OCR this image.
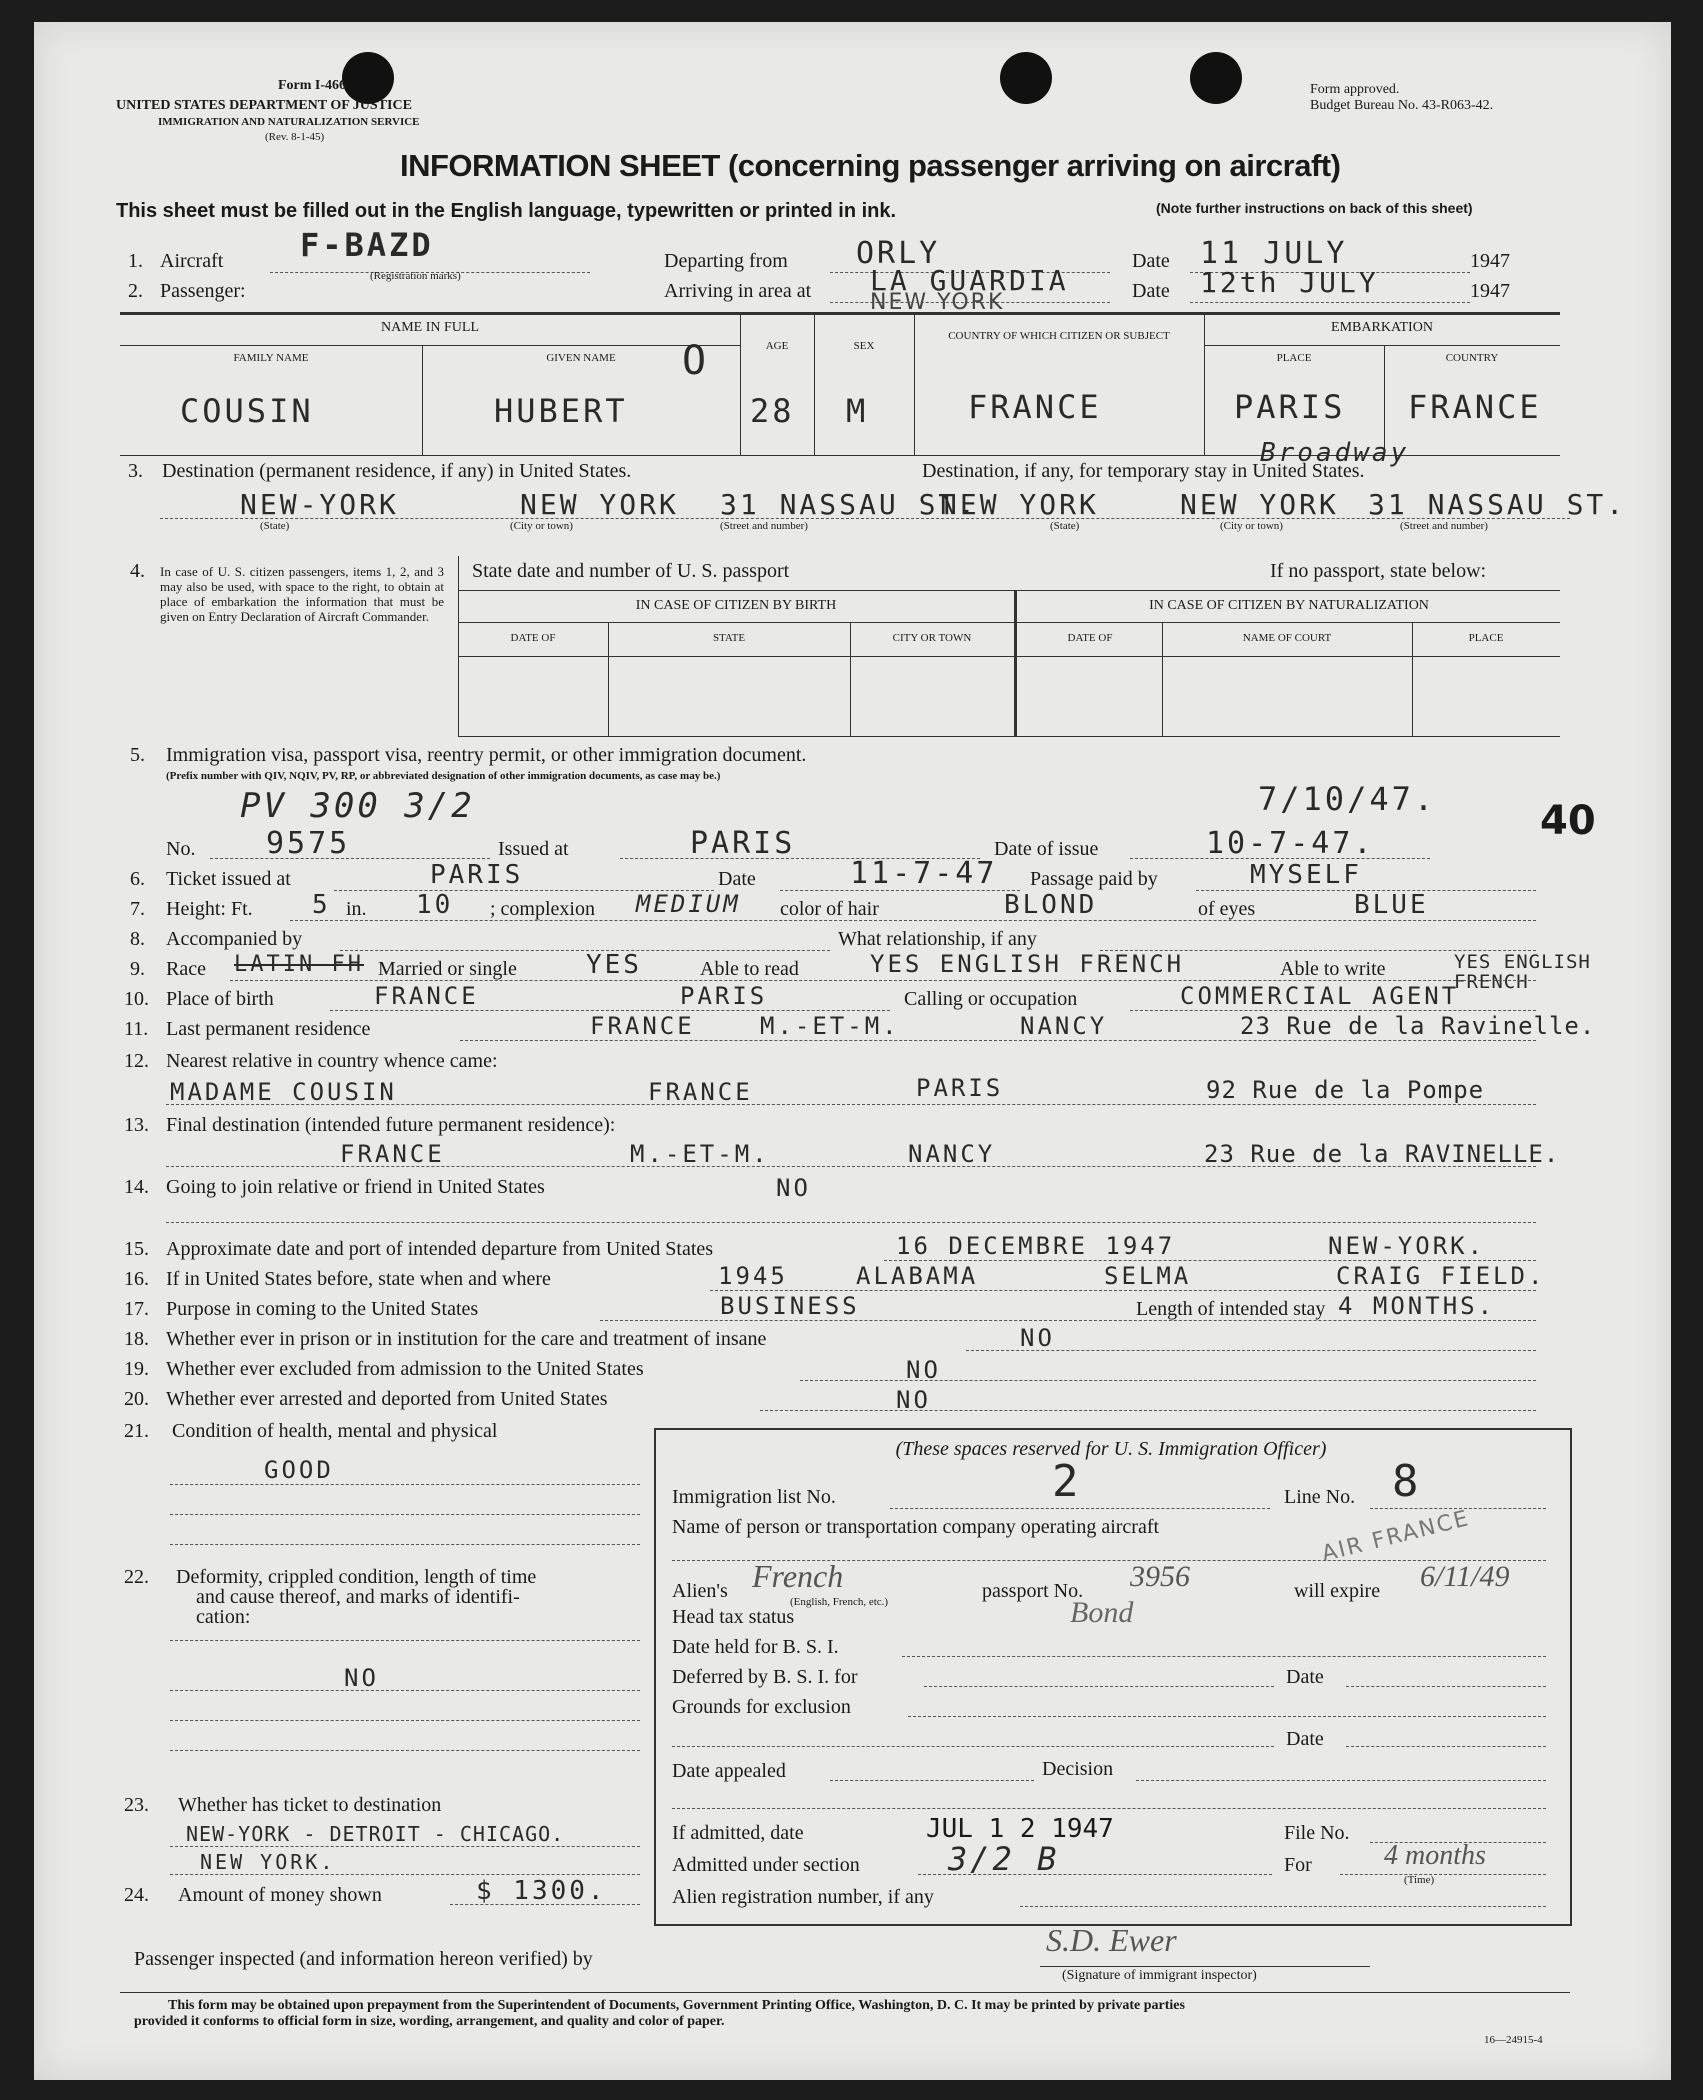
Form I-466
UNITED STATES DEPARTMENT OF JUSTICE
IMMIGRATION AND NATURALIZATION SERVICE
(Rev. 8-1-45)
Form approved.
Budget Bureau No. 43-R063-42.
INFORMATION SHEET (concerning passenger arriving on aircraft)
This sheet must be filled out in the English language, typewritten or printed in ink.	(Note further instructions on back of this sheet)
1. Aircraft F-BAZD
(Registration marks)
Departing from ORLY	Date 11 JULY	1947
2. Passenger:	Arriving in area at LA GUARDIA
NEW YORK	Date 12th JULY	1947
NAME IN FULL
FAMILY NAME	GIVEN NAME
AGE	SEX
COUNTRY OF WHICH CITIZEN OR SUBJECT
EMBARKATION
PLACE	COUNTRY
COUSIN	HUBERT
O
28 M	FRANCE	PARIS FRANCE
3. Destination (permanent residence, if any) in United States.	Destination, if any, for temporary stay in United States.
Broadway
NEW-YORK	NEW YORK 31 NASSAU ST.
NEW YORK	NEW YORK 31 NASSAU ST.
(State)	(City or town)	(Street and number)	(State)	(City or town)	(Street and number)
4. In case of U. S. citizen passengers, items 1, 2, and 3 may also be used, with space to the right, to obtain at place of embarkation the information that must be given on Entry Declaration of Aircraft Commander.
State date and number of U. S. passport	If no passport, state below:
IN CASE OF CITIZEN BY BIRTH	IN CASE OF CITIZEN BY NATURALIZATION
DATE OF	STATE	CITY OR TOWN	DATE OF	NAME OF COURT	PLACE
5. Immigration visa, passport visa, reentry permit, or other immigration document.
(Prefix number with QIV, NQIV, PV, RP, or abbreviated designation of other immigration documents, as case may be.)
PV 300 3/2
No. 9575	Issued at	PARIS	Date of issue	10-7-47.
7/10/47.	40
6. Ticket issued at	PARIS	Date	11-7-47 Passage paid by	MYSELF
7. Height: Ft. 5 in. 10 ; complexion MEDIUM color of hair	BLOND	of eyes	BLUE
8. Accompanied by	What relationship, if any
9. Race LATIN FH Married or single	YES	Able to read	YES ENGLISH FRENCH	Able to write	YES ENGLISH FRENCH
10. Place of birth	FRANCE	PARIS	Calling or occupation	COMMERCIAL AGENT
11. Last permanent residence	FRANCE	M.-ET-M.	NANCY	23 Rue de la Ravinelle.
12. Nearest relative in country whence came:
MADAME COUSIN	FRANCE	PARIS	92 Rue de la Pompe
13. Final destination (intended future permanent residence):
FRANCE	M.-ET-M.	NANCY	23 Rue de la RAVINELLE.
14. Going to join relative or friend in United States	NO
15. Approximate date and port of intended departure from United States	16 DECEMBRE 1947	NEW-YORK.
16. If in United States before, state when and where	1945	ALABAMA	SELMA	CRAIG FIELD.
17. Purpose in coming to the United States	BUSINESS	Length of intended stay 4 MONTHS.
18. Whether ever in prison or in institution for the care and treatment of insane	NO
19. Whether ever excluded from admission to the United States	NO
20. Whether ever arrested and deported from United States	NO
21. Condition of health, mental and physical
GOOD
22. Deformity, crippled condition, length of time
and cause thereof, and marks of identifi-
cation:
NO
23. Whether has ticket to destination
NEW-YORK - DETROIT - CHICAGO.
NEW YORK.
24. Amount of money shown	$ 1300.
(These spaces reserved for U. S. Immigration Officer)
Immigration list No.	2	Line No. 8
Name of person or transportation company operating aircraft	AIR FRANCE
Alien's French
(English, French, etc.)	passport No. 3956	will expire 6/11/49
Head tax status	Bond
Date held for B. S. I.
Deferred by B. S. I. for	Date
Grounds for exclusion
Date
Date appealed	Decision
If admitted, date	JUL 1 2 1947	File No.
Admitted under section	3/2 B	For	4 months
(Time)
Alien registration number, if any
Passenger inspected (and information hereon verified) by
S.D. Ewer
(Signature of immigrant inspector)
This form may be obtained upon prepayment from the Superintendent of Documents, Government Printing Office, Washington, D. C. It may be printed by private parties
provided it conforms to official form in size, wording, arrangement, and quality and color of paper.
16—24915-4
